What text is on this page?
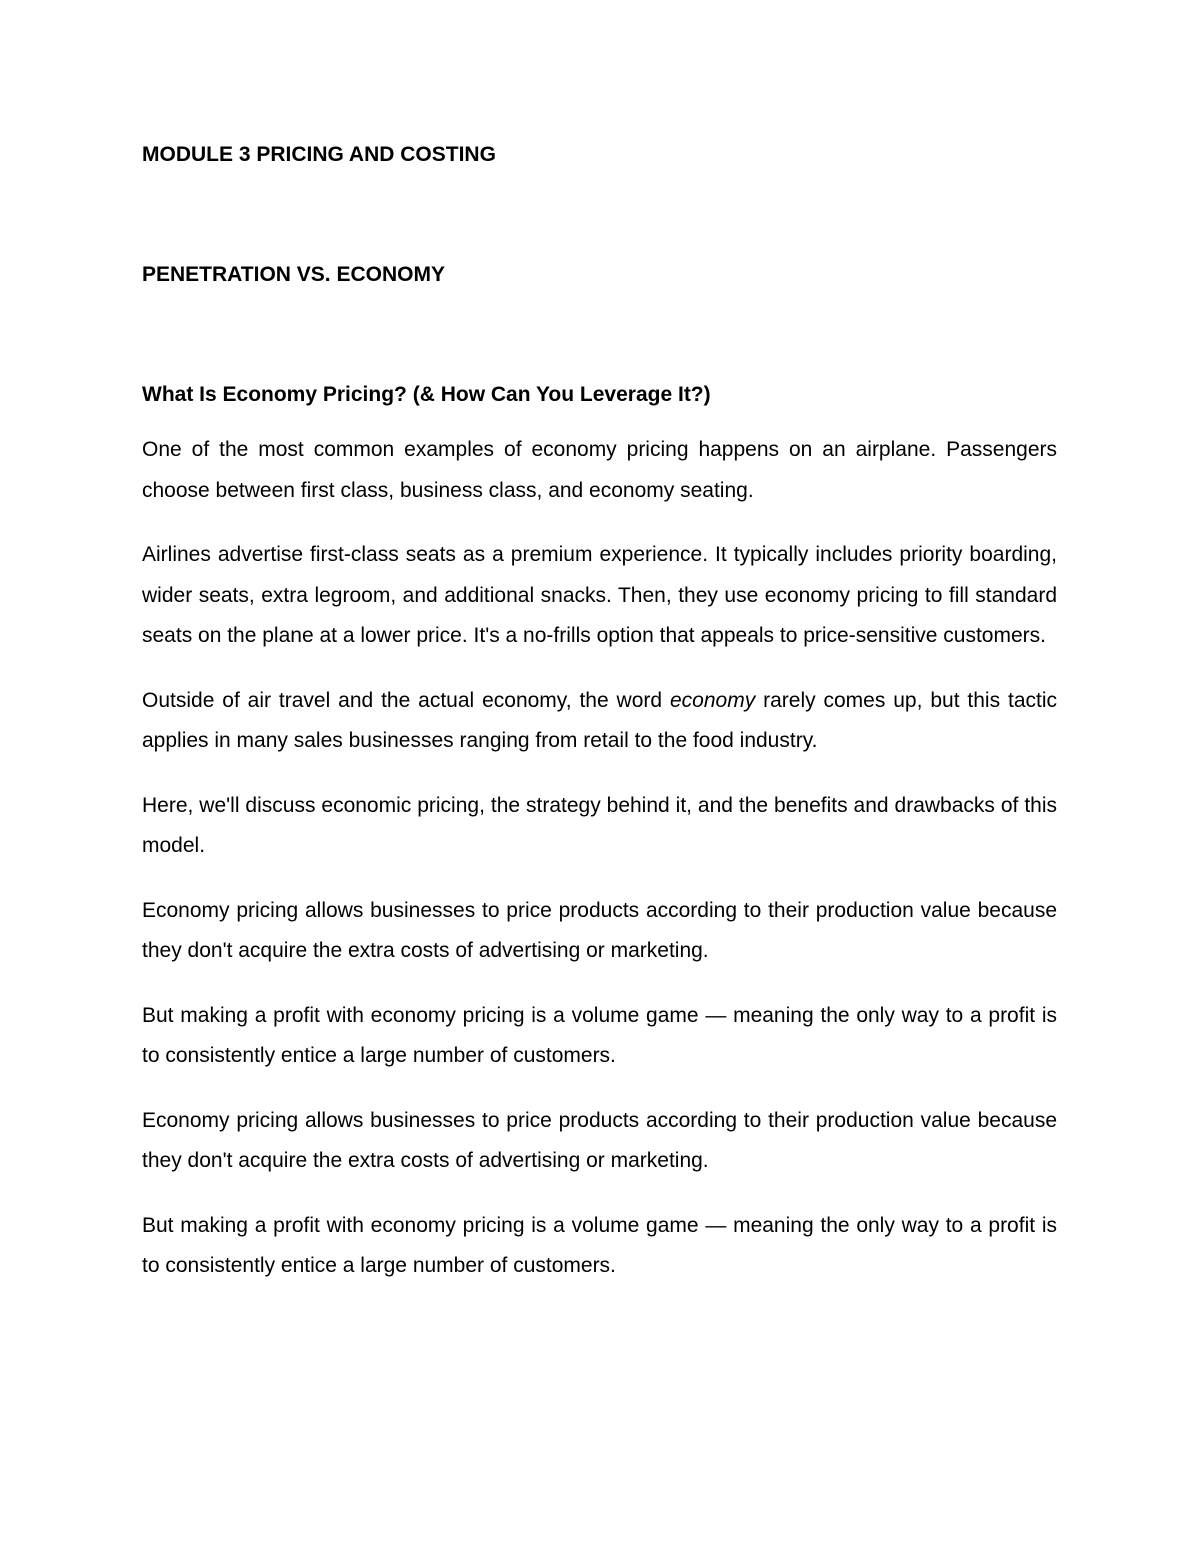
MODULE 3 PRICING AND COSTING
PENETRATION VS. ECONOMY
What Is Economy Pricing? (& How Can You Leverage It?)

One of the most common examples of economy pricing happens on an airplane. Passengers choose between first class, business class, and economy seating.

Airlines advertise first-class seats as a premium experience. It typically includes priority boarding, wider seats, extra legroom, and additional snacks. Then, they use economy pricing to fill standard seats on the plane at a lower price. It's a no-frills option that appeals to price-sensitive customers.

Outside of air travel and the actual economy, the word economy rarely comes up, but this tactic applies in many sales businesses ranging from retail to the food industry.

Here, we'll discuss economic pricing, the strategy behind it, and the benefits and drawbacks of this model.

Economy pricing allows businesses to price products according to their production value because they don't acquire the extra costs of advertising or marketing.

But making a profit with economy pricing is a volume game — meaning the only way to a profit is to consistently entice a large number of customers.

Economy pricing allows businesses to price products according to their production value because they don't acquire the extra costs of advertising or marketing.

But making a profit with economy pricing is a volume game — meaning the only way to a profit is to consistently entice a large number of customers.
